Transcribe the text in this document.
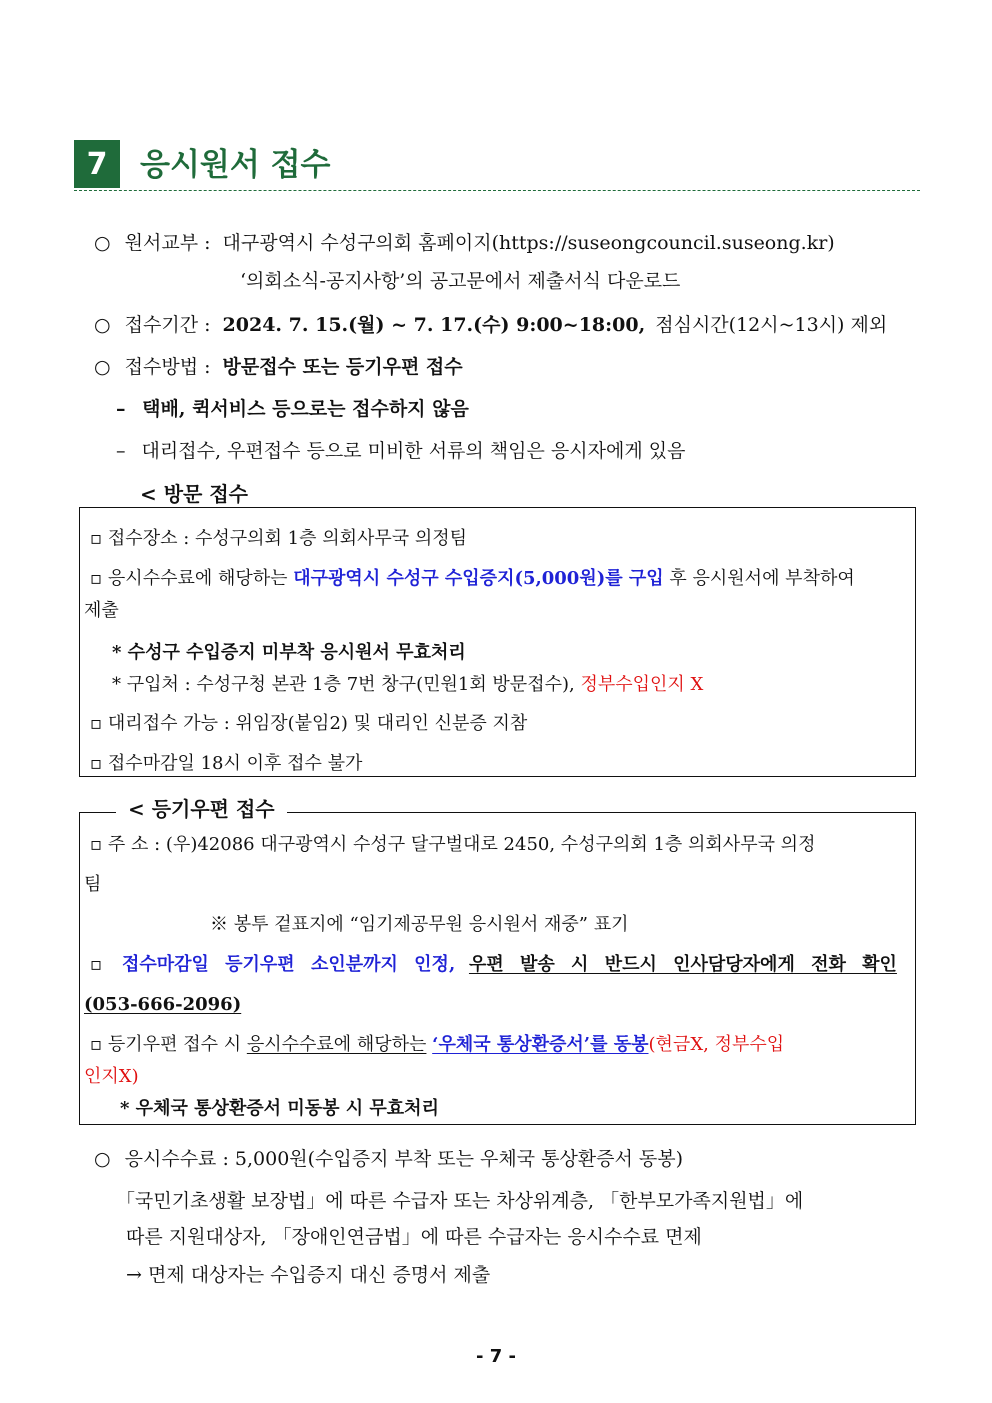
7	응시원서 접수
○ 원서교부 : 대구광역시 수성구의회 홈페이지(https://suseongcouncil.suseong.kr)
‘의회소식-공지사항’의 공고문에서 제출서식 다운로드
○ 접수기간 : 2024. 7. 15.(월) ~ 7. 17.(수) 9:00~18:00, 점심시간(12시~13시) 제외
○ 접수방법 : 방문접수 또는 등기우편 접수
– 택배, 퀵서비스 등으로는 접수하지 않음
– 대리접수, 우편접수 등으로 미비한 서류의 책임은 응시자에게 있음
< 방문 접수
▫ 접수장소 : 수성구의회 1층 의회사무국 의정팀
▫ 응시수수료에 해당하는 대구광역시 수성구 수입증지(5,000원)를 구입 후 응시원서에 부착하여
제출
* 수성구 수입증지 미부착 응시원서 무효처리
* 구입처 : 수성구청 본관 1층 7번 창구(민원1회 방문접수), 정부수입인지 X
▫ 대리접수 가능 : 위임장(붙임2) 및 대리인 신분증 지참
▫ 접수마감일 18시 이후 접수 불가
< 등기우편 접수
▫ 주 소 : (우)42086 대구광역시 수성구 달구벌대로 2450, 수성구의회 1층 의회사무국 의정
팀
※ 봉투 겉표지에 “임기제공무원 응시원서 재중” 표기
▫ 접수마감일 등기우편 소인분까지 인정, 우편 발송 시 반드시 인사담당자에게 전화 확인
(053-666-2096)
▫ 등기우편 접수 시 응시수수료에 해당하는 ‘우체국 통상환증서’를 동봉(현금X, 정부수입
인지X)
* 우체국 통상환증서 미동봉 시 무효처리
○ 응시수수료 : 5,000원(수입증지 부착 또는 우체국 통상환증서 동봉)
「국민기초생활 보장법」에 따른 수급자 또는 차상위계층, 「한부모가족지원법」에
따른 지원대상자, 「장애인연금법」에 따른 수급자는 응시수수료 면제
→ 면제 대상자는 수입증지 대신 증명서 제출
- 7 -
